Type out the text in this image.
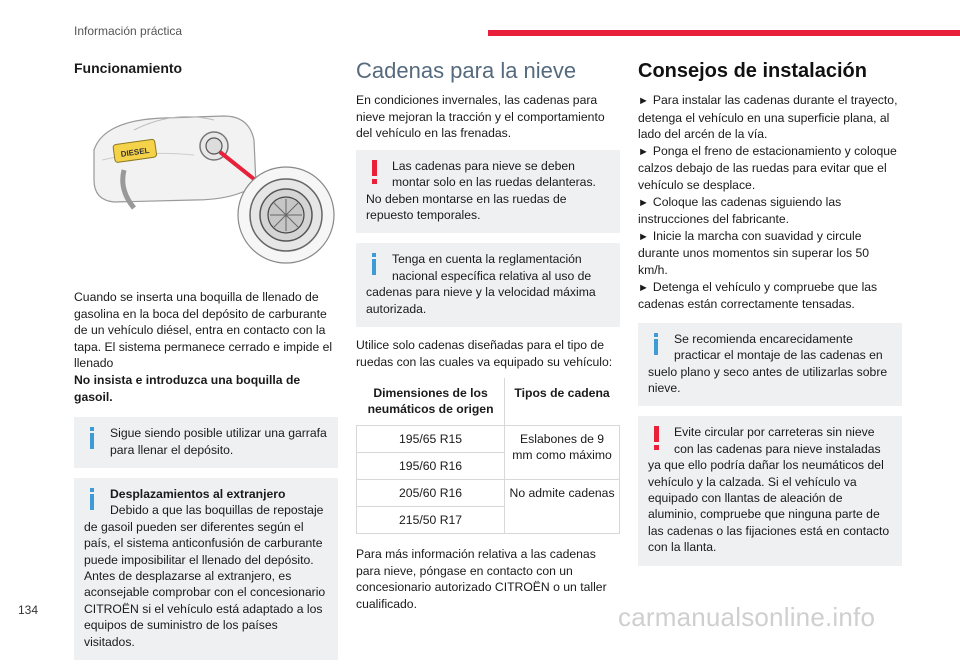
Información práctica
Funcionamiento
DIESEL

Cuando se inserta una boquilla de llenado de gasolina en la boca del depósito de carburante de un vehículo diésel, entra en contacto con la tapa. El sistema permanece cerrado e impide el llenado

No insista e introduzca una boquilla de gasoil.

Sigue siendo posible utilizar una garrafa para llenar el depósito.
Desplazamientos al extranjero
Debido a que las boquillas de repostaje de gasoil pueden ser diferentes según el país, el sistema anticonfusión de carburante puede imposibilitar el llenado del depósito. Antes de desplazarse al extranjero, es aconsejable comprobar con el concesionario CITROËN si el vehículo está adaptado a los equipos de suministro de los países visitados.
Cadenas para la nieve

En condiciones invernales, las cadenas para nieve mejoran la tracción y el comportamiento del vehículo en las frenadas.

Las cadenas para nieve se deben montar solo en las ruedas delanteras. No deben montarse en las ruedas de repuesto temporales.
Tenga en cuenta la reglamentación nacional específica relativa al uso de cadenas para nieve y la velocidad máxima autorizada.

Utilice solo cadenas diseñadas para el tipo de ruedas con las cuales va equipado su vehículo:

Dimensiones de los neumáticos de origen	Tipos de cadena
195/65 R15	Eslabones de 9 mm como máximo
195/60 R16	
205/60 R16	No admite cadenas
215/50 R17	

Para más información relativa a las cadenas para nieve, póngase en contacto con un concesionario autorizado CITROËN o un taller cualificado.

Consejos de instalación

► Para instalar las cadenas durante el trayecto, detenga el vehículo en una superficie plana, al lado del arcén de la vía.

► Ponga el freno de estacionamiento y coloque calzos debajo de las ruedas para evitar que el vehículo se desplace.

► Coloque las cadenas siguiendo las instrucciones del fabricante.

► Inicie la marcha con suavidad y circule durante unos momentos sin superar los 50 km/h.

► Detenga el vehículo y compruebe que las cadenas están correctamente tensadas.

Se recomienda encarecidamente practicar el montaje de las cadenas en suelo plano y seco antes de utilizarlas sobre nieve.
Evite circular por carreteras sin nieve con las cadenas para nieve instaladas ya que ello podría dañar los neumáticos del vehículo y la calzada. Si el vehículo va equipado con llantas de aleación de aluminio, compruebe que ninguna parte de las cadenas o las fijaciones está en contacto con la llanta.
134	carmanualsonline.info
